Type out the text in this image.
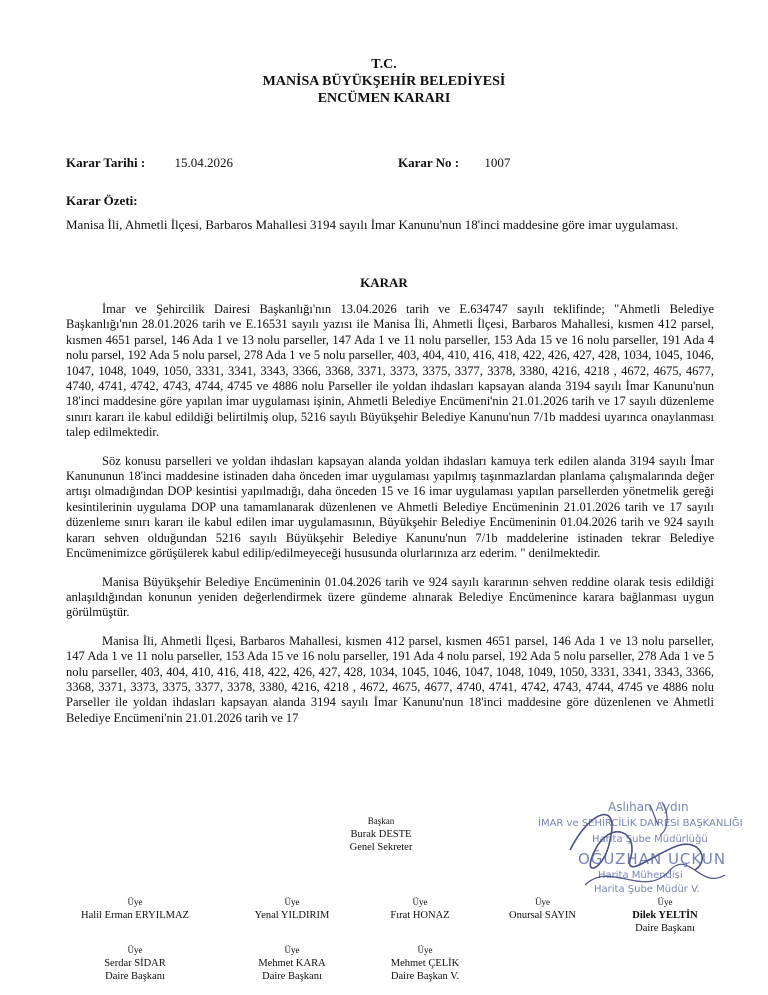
T.C.
MANİSA BÜYÜKŞEHİR BELEDİYESİ
ENCÜMEN KARARI
Karar Tarihi : 15.04.2026	Karar No : 1007
Karar Özeti:
Manisa İli, Ahmetli İlçesi, Barbaros Mahallesi 3194 sayılı İmar Kanunu'nun 18'inci maddesine göre imar uygulaması.
KARAR

İmar ve Şehircilik Dairesi Başkanlığı'nın 13.04.2026 tarih ve E.634747 sayılı teklifinde; "Ahmetli Belediye Başkanlığı'nın 28.01.2026 tarih ve E.16531 sayılı yazısı ile Manisa İli, Ahmetli İlçesi, Barbaros Mahallesi, kısmen 412 parsel, kısmen 4651 parsel, 146 Ada 1 ve 13 nolu parseller, 147 Ada 1 ve 11 nolu parseller, 153 Ada 15 ve 16 nolu parseller, 191 Ada 4 nolu parsel, 192 Ada 5 nolu parsel, 278 Ada 1 ve 5 nolu parseller, 403, 404, 410, 416, 418, 422, 426, 427, 428, 1034, 1045, 1046, 1047, 1048, 1049, 1050, 3331, 3341, 3343, 3366, 3368, 3371, 3373, 3375, 3377, 3378, 3380, 4216, 4218 , 4672, 4675, 4677, 4740, 4741, 4742, 4743, 4744, 4745 ve 4886 nolu Parseller ile yoldan ihdasları kapsayan alanda 3194 sayılı İmar Kanunu'nun 18'inci maddesine göre yapılan imar uygulaması işinin, Ahmetli Belediye Encümeni'nin 21.01.2026 tarih ve 17 sayılı düzenleme sınırı kararı ile kabul edildiği belirtilmiş olup, 5216 sayılı Büyükşehir Belediye Kanunu'nun 7/1b maddesi uyarınca onaylanması talep edilmektedir.

Söz konusu parselleri ve yoldan ihdasları kapsayan alanda yoldan ihdasları kamuya terk edilen alanda 3194 sayılı İmar Kanununun 18'inci maddesine istinaden daha önceden imar uygulaması yapılmış taşınmazlardan planlama çalışmalarında değer artışı olmadığından DOP kesintisi yapılmadığı, daha önceden 15 ve 16 imar uygulaması yapılan parsellerden yönetmelik gereği kesintilerinin uygulama DOP una tamamlanarak düzenlenen ve Ahmetli Belediye Encümeninin 21.01.2026 tarih ve 17 sayılı düzenleme sınırı kararı ile kabul edilen imar uygulamasının, Büyükşehir Belediye Encümeninin 01.04.2026 tarih ve 924 sayılı kararı sehven olduğundan 5216 sayılı Büyükşehir Belediye Kanunu'nun 7/1b maddelerine istinaden tekrar Belediye Encümenimizce görüşülerek kabul edilip/edilmeyeceği hususunda olurlarınıza arz ederim. " denilmektedir.

Manisa Büyükşehir Belediye Encümeninin 01.04.2026 tarih ve 924 sayılı kararının sehven reddine olarak tesis edildiği anlaşıldığından konunun yeniden değerlendirmek üzere gündeme alınarak Belediye Encümenince karara bağlanması uygun görülmüştür.

Manisa İli, Ahmetli İlçesi, Barbaros Mahallesi, kısmen 412 parsel, kısmen 4651 parsel, 146 Ada 1 ve 13 nolu parseller, 147 Ada 1 ve 11 nolu parseller, 153 Ada 15 ve 16 nolu parseller, 191 Ada 4 nolu parsel, 192 Ada 5 nolu parseller, 278 Ada 1 ve 5 nolu parseller, 403, 404, 410, 416, 418, 422, 426, 427, 428, 1034, 1045, 1046, 1047, 1048, 1049, 1050, 3331, 3341, 3343, 3366, 3368, 3371, 3373, 3375, 3377, 3378, 3380, 4216, 4218 , 4672, 4675, 4677, 4740, 4741, 4742, 4743, 4744, 4745 ve 4886 nolu Parseller ile yoldan ihdasları kapsayan alanda 3194 sayılı İmar Kanunu'nun 18'inci maddesine göre düzenlenen ve Ahmetli Belediye Encümeni'nin 21.01.2026 tarih ve 17

Başkan
Burak DESTE
Genel Sekreter
Üye
Halil Erman ERYILMAZ
Üye
Yenal YILDIRIM
Üye
Fırat HONAZ
Üye
Onursal SAYIN
Üye
Dilek YELTİN
Daire Başkanı
Üye
Serdar SİDAR
Daire Başkanı
Üye
Mehmet KARA
Daire Başkanı
Üye
Mehmet ÇELİK
Daire Başkan V.
Aslıhan Aydın
İMAR ve ŞEHİRCİLİK DAİRESİ BAŞKANLIĞI
Harita Şube Müdürlüğü
OĞUZHAN UÇKUN
Harita Mühendisi
Harita Şube Müdür V.
